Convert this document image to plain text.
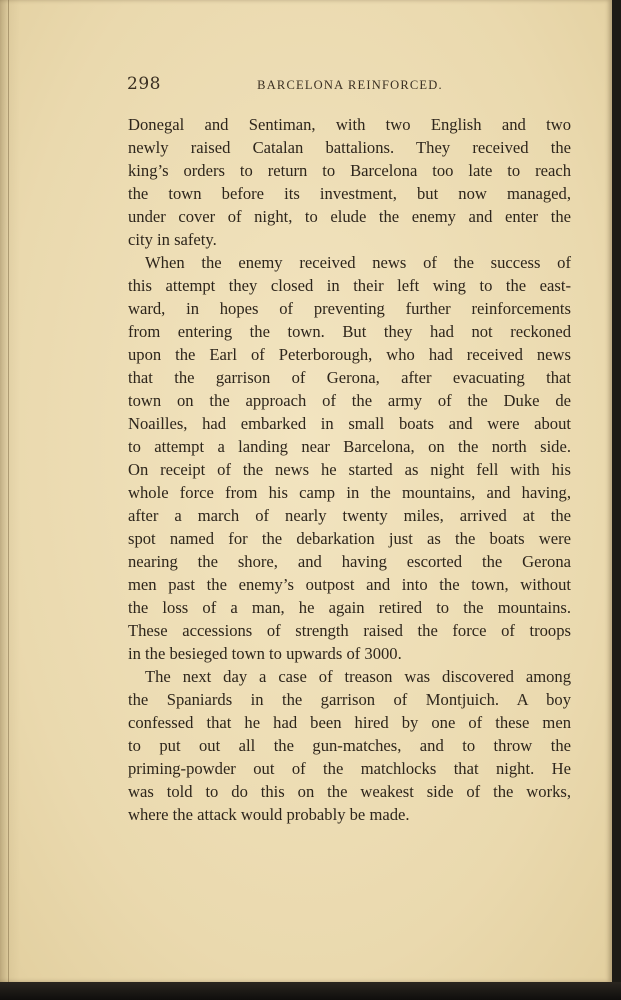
298	BARCELONA REINFORCED.
Donegal and Sentiman, with two English and two
newly raised Catalan battalions. They received the
king’s orders to return to Barcelona too late to reach
the town before its investment, but now managed,
under cover of night, to elude the enemy and enter the
city in safety.
When the enemy received news of the success of
this attempt they closed in their left wing to the east-
ward, in hopes of preventing further reinforcements
from entering the town. But they had not reckoned
upon the Earl of Peterborough, who had received news
that the garrison of Gerona, after evacuating that
town on the approach of the army of the Duke de
Noailles, had embarked in small boats and were about
to attempt a landing near Barcelona, on the north side.
On receipt of the news he started as night fell with his
whole force from his camp in the mountains, and having,
after a march of nearly twenty miles, arrived at the
spot named for the debarkation just as the boats were
nearing the shore, and having escorted the Gerona
men past the enemy’s outpost and into the town, without
the loss of a man, he again retired to the mountains.
These accessions of strength raised the force of troops
in the besieged town to upwards of 3000.
The next day a case of treason was discovered among
the Spaniards in the garrison of Montjuich. A boy
confessed that he had been hired by one of these men
to put out all the gun-matches, and to throw the
priming-powder out of the matchlocks that night. He
was told to do this on the weakest side of the works,
where the attack would probably be made.
